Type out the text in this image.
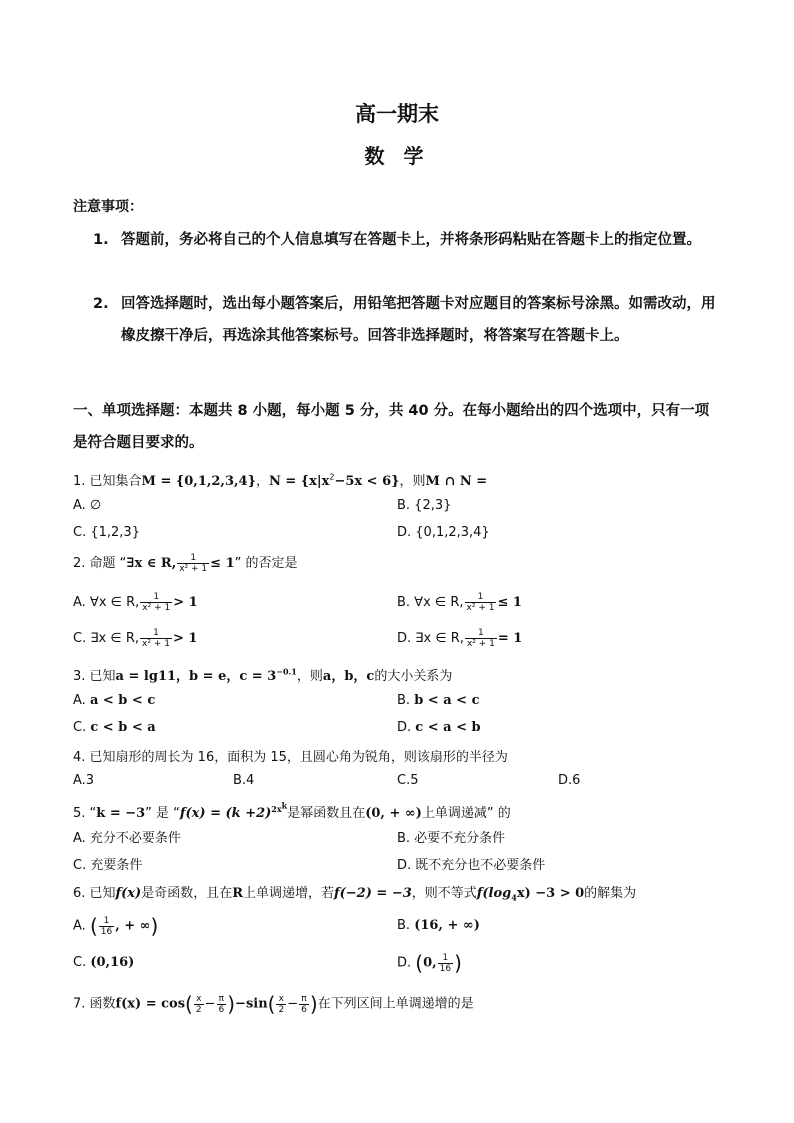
高一期末
数 学
注意事项：
1. 答题前，务必将自己的个人信息填写在答题卡上，并将条形码粘贴在答题卡上的指定位置。
2. 回答选择题时，选出每小题答案后，用铅笔把答题卡对应题目的答案标号涂黑。如需改动，用橡皮擦干净后，再选涂其他答案标号。回答非选择题时，将答案写在答题卡上。
一、单项选择题：本题共 8 小题，每小题 5 分，共 40 分。在每小题给出的四个选项中，只有一项是符合题目要求的。
1. 已知集合M = {0,1,2,3,4}，$N = \{x|x^2-5x < 6\}$，则M ∩ N =
A. ∅	B. {2,3}
C. {1,2,3}	D. {0,1,2,3,4}
2. 命题 “∃x ∈ R, $\frac{1}{\text{x² + 1}} \le 1$” 的否定是
A. ∀x ∈ R, $\frac{1}{\text{x² + 1}} > 1$	B. ∀x ∈ R, $\frac{1}{\text{x² + 1}} \le 1$
C. ∃x ∈ R, $\frac{1}{\text{x² + 1}} > 1$	D. ∃x ∈ R, $\frac{1}{\text{x² + 1}} = 1$
3. 已知a = lg11，b = e，$c = 3^{-0.1}$，则a，b，c的大小关系为
A. a < b < c	B. b < a < c
C. c < b < a	D. c < a < b
4. 已知扇形的周长为 16，面积为 15，且圆心角为锐角，则该扇形的半径为
A.3	B.4	C.5	D.6
5. “k = −3” 是 “$f(x) = (k +2)^{2x^k}$是幂函数且在(0, + ∞)上单调递减” 的
A. 充分不必要条件	B. 必要不充分条件
C. 充要条件	D. 既不充分也不必要条件
6. 已知f(x)是奇函数，且在R上单调递增，若f(−2) = −3，则不等式$f(\log_4x) -3 > 0$的解集为
A. ( $\frac{1}{16}$ , + ∞)	B. (16, + ∞)
C. (0,16)	D. (0, $\frac{1}{16}$ )
7. 函数$f(x) = \cos( \frac{x}{2} - \frac{\pi}{6} )-\sin( \frac{x}{2} - \frac{\pi}{6}$ )在下列区间上单调递增的是
